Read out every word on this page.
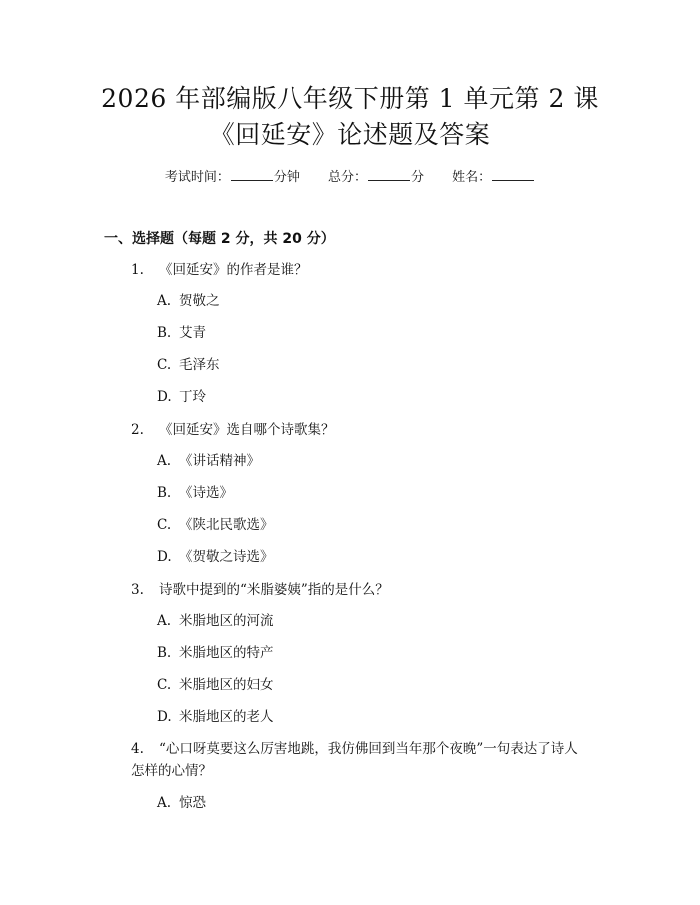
2026 年部编版八年级下册第 1 单元第 2 课
《回延安》论述题及答案
考试时间：	分钟 总分：	分 姓名：
一、选择题（每题 2 分，共 20 分）
1.	《回延安》的作者是谁？
A. 贺敬之
B. 艾青
C. 毛泽东
D. 丁玲
2.	《回延安》选自哪个诗歌集？
A. 《讲话精神》
B. 《诗选》
C. 《陕北民歌选》
D. 《贺敬之诗选》
3.	诗歌中提到的“米脂婆姨”指的是什么？
A. 米脂地区的河流
B. 米脂地区的特产
C. 米脂地区的妇女
D. 米脂地区的老人
4. “心口呀莫要这么厉害地跳，我仿佛回到当年那个夜晚”一句表达了诗人怎样的心情？
A. 惊恐
